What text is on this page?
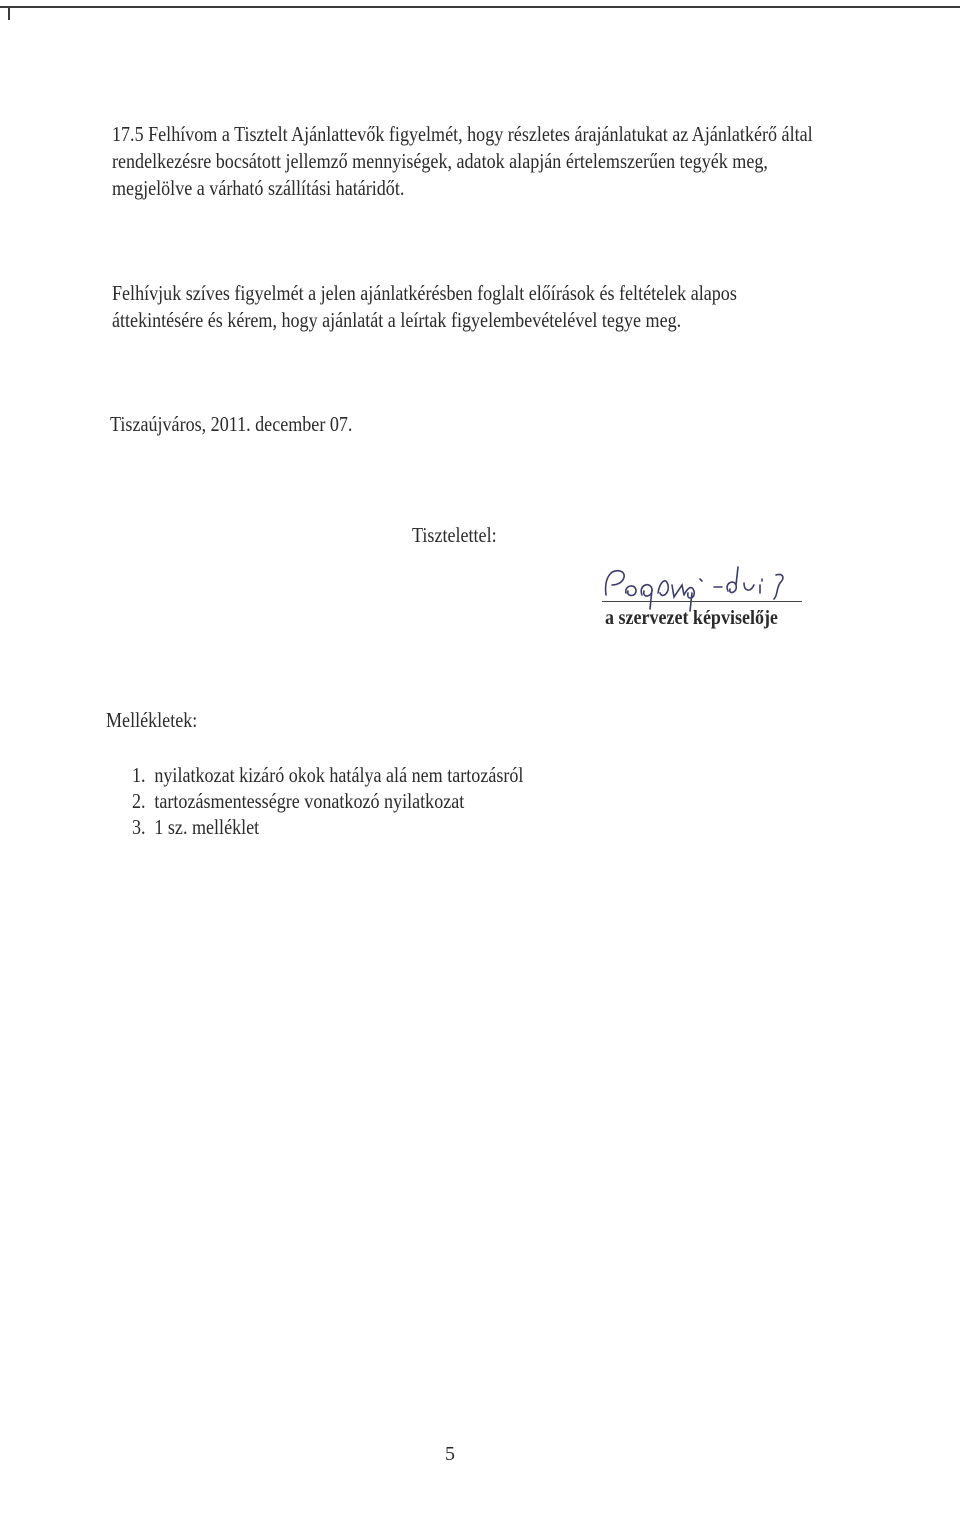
17.5 Felhívom a Tisztelt Ajánlattevők figyelmét, hogy részletes árajánlatukat az Ajánlatkérő által rendelkezésre bocsátott jellemző mennyiségek, adatok alapján értelemszerűen tegyék meg, megjelölve a várható szállítási határidőt.

Felhívjuk szíves figyelmét a jelen ajánlatkérésben foglalt előírások és feltételek alapos áttekintésére és kérem, hogy ajánlatát a leírtak figyelembevételével tegye meg.

Tiszaújváros, 2011. december 07.
Tisztelettel:
a szervezet képviselője
Mellékletek:
1. nyilatkozat kizáró okok hatálya alá nem tartozásról
2. tartozásmentességre vonatkozó nyilatkozat
3. 1 sz. melléklet
5
